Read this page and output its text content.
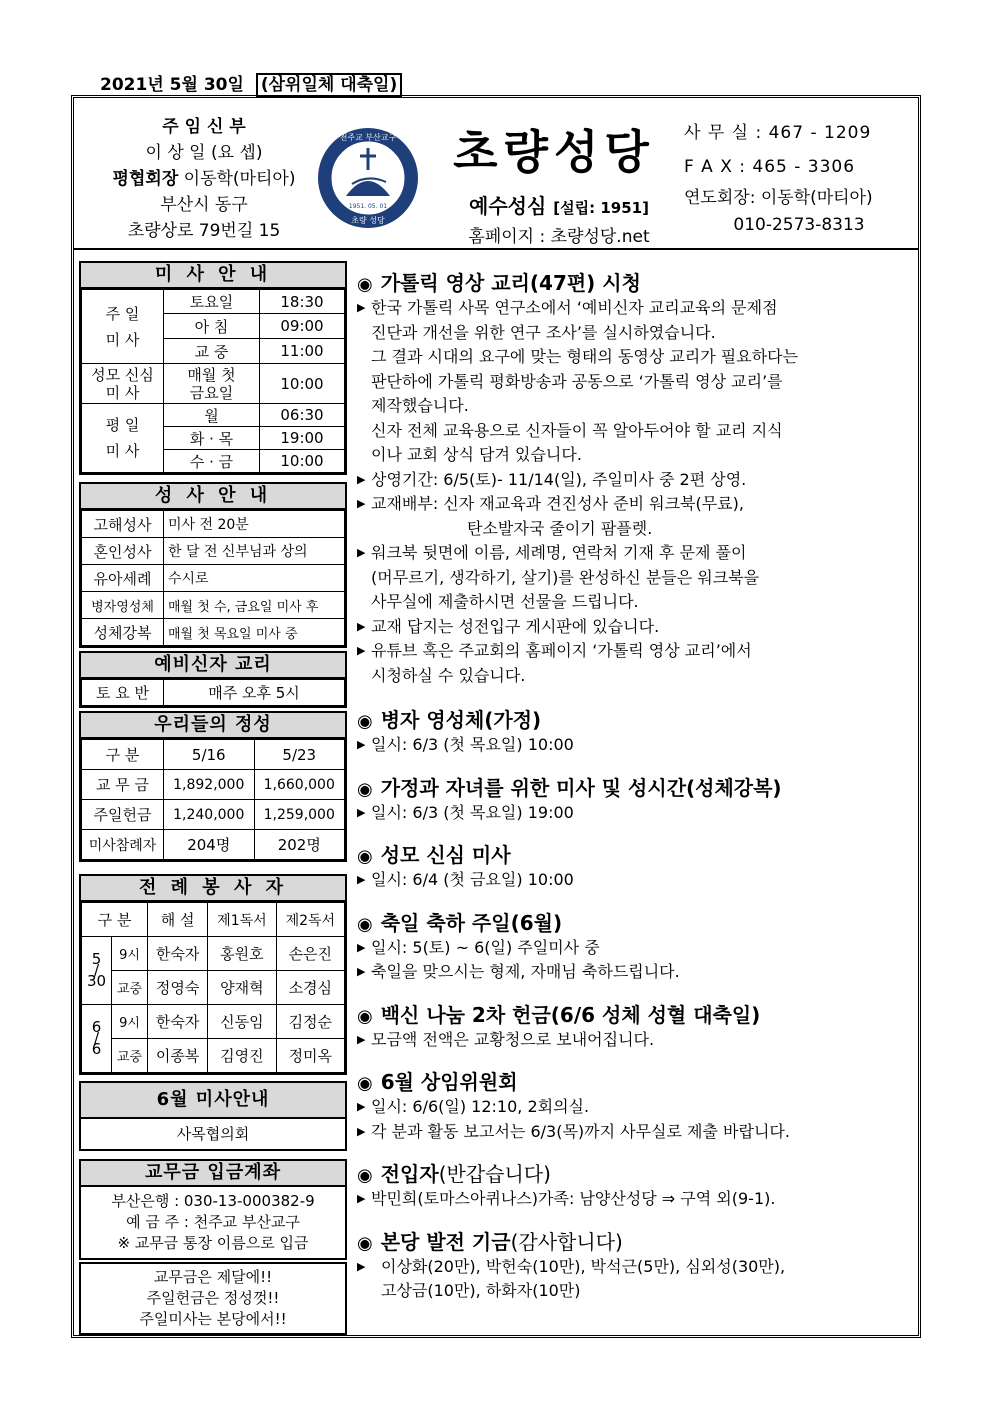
2021년 5월 30일 (삼위일체 대축일)
주 임 신 부
이 상 일 (요 셉)
평협회장 이동학(마티아)
부산시 동구
초량상로 79번길 15
천주교 부산교구
1951. 05. 01
초량 성당
초량성당
예수성심 [설립: 1951]
홈페이지 : 초량성당.net
사 무 실 : 467 - 1209
F A X : 465 - 3306
연도회장: 이동학(마티아)
010-2573-8313
미 사 안 내
주 일
미 사	토요일	18:30
	아 침	09:00
	교 중	11:00
성모 신심
미 사	매월 첫
금요일	10:00
평 일
미 사	월	06:30
	화 · 목	19:00
	수 · 금	10:00
성 사 안 내
고해성사	미사 전 20분
혼인성사	한 달 전 신부님과 상의
유아세례	수시로
병자영성체	매월 첫 수, 금요일 미사 후
성체강복	매월 첫 목요일 미사 중
예비신자 교리
토 요 반	매주 오후 5시
우리들의 정성
구 분	5/16	5/23
교 무 금	1,892,000	1,660,000
주일헌금	1,240,000	1,259,000
미사참례자	204명	202명
전 례 봉 사 자
구 분		해 설	제1독서	제2독서
5
/
30	9시	한숙자	홍원호	손은진
	교중	정영숙	양재혁	소경심
6
/
6	9시	한숙자	신동임	김정순
	교중	이종복	김영진	정미옥
6월 미사안내
사목협의회
교무금 입금계좌
부산은행 : 030-13-000382-9
예 금 주 : 천주교 부산교구
※ 교무금 통장 이름으로 입금
교무금은 제달에!!
주일헌금은 정성껏!!
주일미사는 본당에서!!
◉ 가톨릭 영상 교리(47편) 시청
▶ 한국 가톨릭 사목 연구소에서 ‘예비신자 교리교육의 문제점
진단과 개선을 위한 연구 조사’를 실시하였습니다.
그 결과 시대의 요구에 맞는 형태의 동영상 교리가 필요하다는
판단하에 가톨릭 평화방송과 공동으로 ‘가톨릭 영상 교리’를
제작했습니다.
신자 전체 교육용으로 신자들이 꼭 알아두어야 할 교리 지식
이나 교회 상식 담겨 있습니다.
▶ 상영기간: 6/5(토)- 11/14(일), 주일미사 중 2편 상영.
▶ 교재배부: 신자 재교육과 견진성사 준비 워크북(무료),
탄소발자국 줄이기 팜플렛.
▶ 워크북 뒷면에 이름, 세례명, 연락처 기재 후 문제 풀이
(머무르기, 생각하기, 살기)를 완성하신 분들은 워크북을
사무실에 제출하시면 선물을 드립니다.
▶ 교재 답지는 성전입구 게시판에 있습니다.
▶ 유튜브 혹은 주교회의 홈페이지 ‘가톨릭 영상 교리’에서
시청하실 수 있습니다.
◉ 병자 영성체(가정)
▶ 일시: 6/3 (첫 목요일) 10:00
◉ 가정과 자녀를 위한 미사 및 성시간(성체강복)
▶ 일시: 6/3 (첫 목요일) 19:00
◉ 성모 신심 미사
▶ 일시: 6/4 (첫 금요일) 10:00
◉ 축일 축하 주일(6월)
▶ 일시: 5(토) ~ 6(일) 주일미사 중
▶ 축일을 맞으시는 형제, 자매님 축하드립니다.
◉ 백신 나눔 2차 헌금(6/6 성체 성혈 대축일)
▶ 모금액 전액은 교황청으로 보내어집니다.
◉ 6월 상임위원회
▶ 일시: 6/6(일) 12:10, 2회의실.
▶ 각 분과 활동 보고서는 6/3(목)까지 사무실로 제출 바랍니다.
◉ 전입자(반갑습니다)
▶ 박민희(토마스아퀴나스)가족: 남양산성당 ⇒ 구역 외(9-1).
◉ 본당 발전 기금(감사합니다)
▶ 이상화(20만), 박헌숙(10만), 박석근(5만), 심외성(30만),
고상금(10만), 하화자(10만)
